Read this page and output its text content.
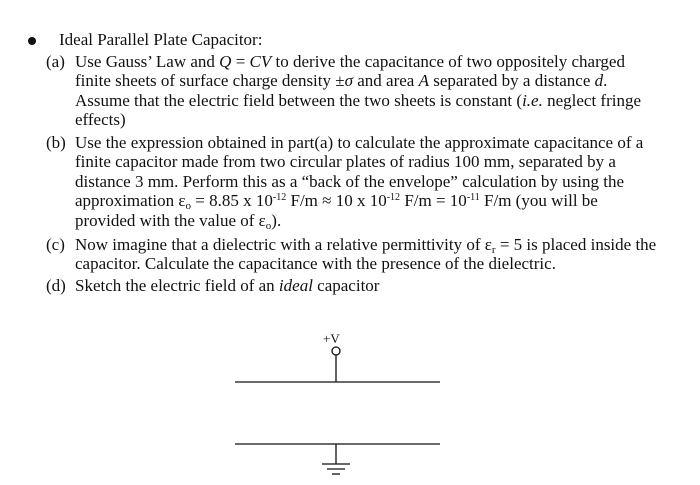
Ideal Parallel Plate Capacitor:
(a) Use Gauss’ Law and Q = CV to derive the capacitance of two oppositely charged
finite sheets of surface charge density ±σ and area A separated by a distance d.
Assume that the electric field between the two sheets is constant (i.e. neglect fringe
effects)
(b) Use the expression obtained in part(a) to calculate the approximate capacitance of a
finite capacitor made from two circular plates of radius 100 mm, separated by a
distance 3 mm. Perform this as a “back of the envelope” calculation by using the
approximation $\varepsilon_o = 8.85$ x $10^{-12}$ F/m ≈ 10 x $10^{-12}$ $F/m = 10^{-11}$ F/m (you will be
provided with the value of $\varepsilon_o$).
(c) Now imagine that a dielectric with a relative permittivity of $\varepsilon_r = 5$ is placed inside the
capacitor. Calculate the capacitance with the presence of the dielectric.
(d) Sketch the electric field of an ideal capacitor
+V
